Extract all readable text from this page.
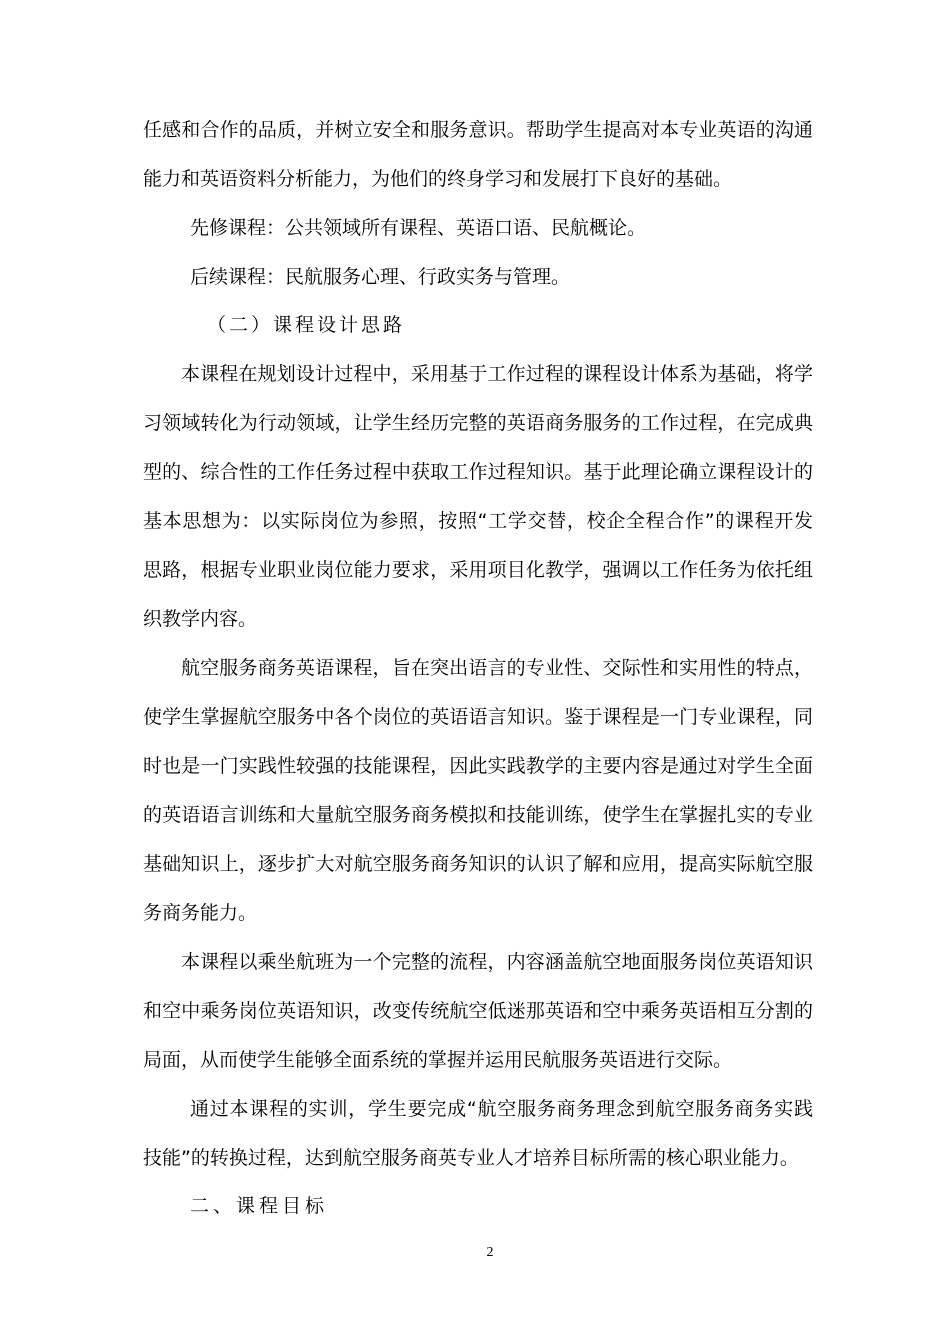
任感和合作的品质，并树立安全和服务意识。帮助学生提高对本专业英语的沟通
能力和英语资料分析能力，为他们的终身学习和发展打下良好的基础。
先修课程：公共领域所有课程、英语口语、民航概论。
后续课程：民航服务心理、行政实务与管理。
（二）课程设计思路
本课程在规划设计过程中，采用基于工作过程的课程设计体系为基础，将学
习领域转化为行动领域，让学生经历完整的英语商务服务的工作过程，在完成典
型的、综合性的工作任务过程中获取工作过程知识。基于此理论确立课程设计的
基本思想为：以实际岗位为参照，按照“工学交替，校企全程合作”的课程开发
思路，根据专业职业岗位能力要求，采用项目化教学，强调以工作任务为依托组
织教学内容。
航空服务商务英语课程，旨在突出语言的专业性、交际性和实用性的特点，
使学生掌握航空服务中各个岗位的英语语言知识。鉴于课程是一门专业课程，同
时也是一门实践性较强的技能课程，因此实践教学的主要内容是通过对学生全面
的英语语言训练和大量航空服务商务模拟和技能训练，使学生在掌握扎实的专业
基础知识上，逐步扩大对航空服务商务知识的认识了解和应用，提高实际航空服
务商务能力。
本课程以乘坐航班为一个完整的流程，内容涵盖航空地面服务岗位英语知识
和空中乘务岗位英语知识，改变传统航空低迷那英语和空中乘务英语相互分割的
局面，从而使学生能够全面系统的掌握并运用民航服务英语进行交际。
通过本课程的实训，学生要完成“航空服务商务理念到航空服务商务实践
技能”的转换过程，达到航空服务商英专业人才培养目标所需的核心职业能力。
二、课程目标
2
